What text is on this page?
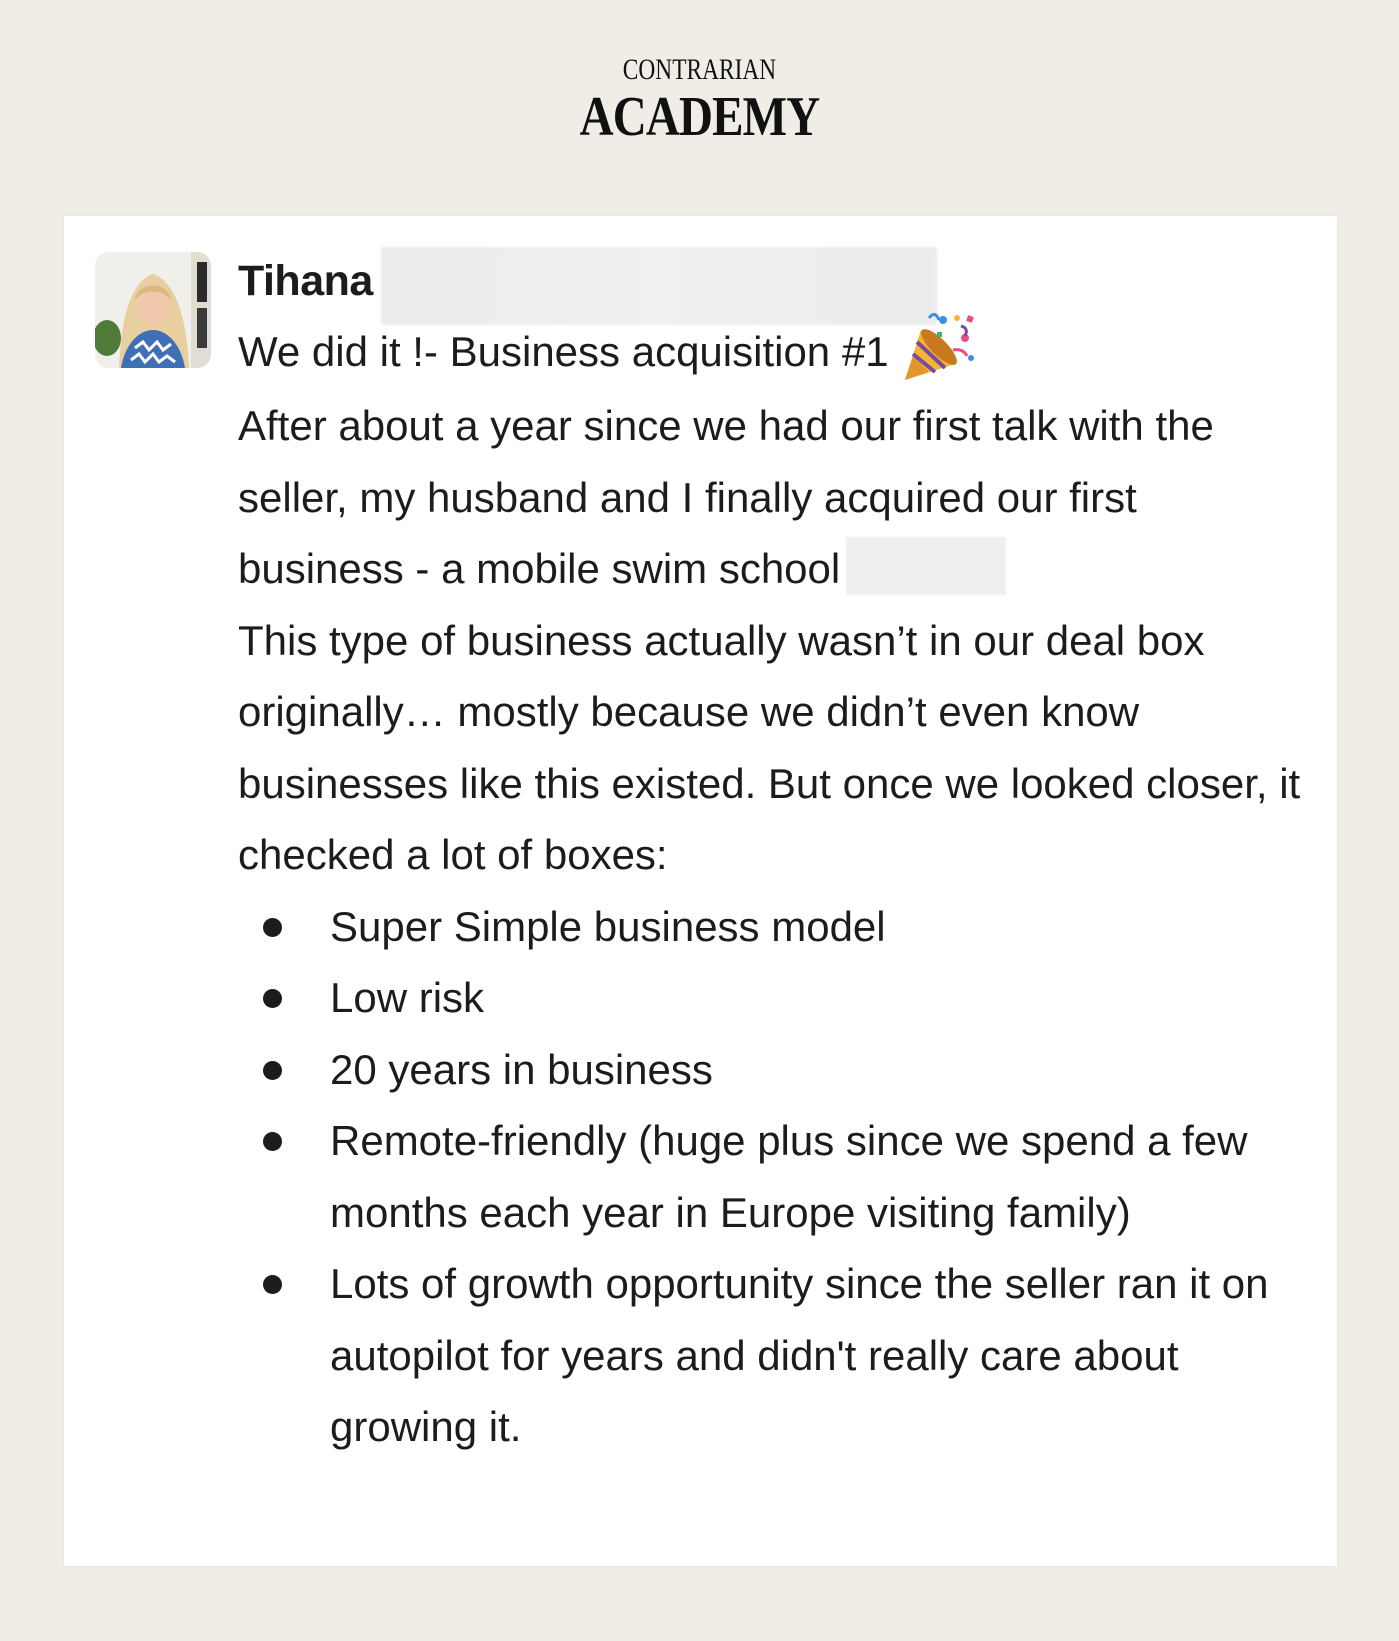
CONTRARIAN
ACADEMY
Tihana

We did it !- Business acquisition #1

After about a year since we had our first talk with the seller, my husband and I finally acquired our first business - a mobile swim school

This type of business actually wasn’t in our deal box originally… mostly because we didn’t even know businesses like this existed. But once we looked closer, it checked a lot of boxes:

Super Simple business model
Low risk
20 years in business
Remote-friendly (huge plus since we spend a few months each year in Europe visiting family)
Lots of growth opportunity since the seller ran it on autopilot for years and didn't really care about growing it.
